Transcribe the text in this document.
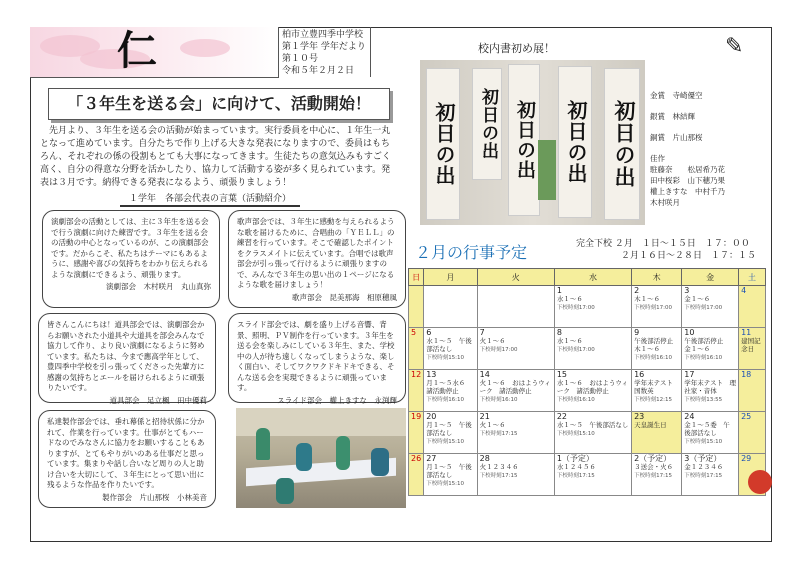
仁	柏市立豊四季中学校
第１学年 学年だより
第１０号
令和５年２月２日
「３年生を送る会」に向けて、活動開始！
先月より、３年生を送る会の活動が始まっています。実行委員を中心に、１年生一丸となって進めています。自分たちで作り上げる大きな発表になりますので、委員はもちろん、それぞれの係の役割もとても大事になってきます。生徒たちの意気込みもすごく高く、自分の得意な分野を活かしたり、協力して活動する姿が多く見られています。発表は３月です。納得できる発表になるよう、頑張りましょう！
１学年　各部会代表の言葉（活動紹介）
演劇部会の活動としては、主に３年生を送る会で行う演劇に向けた練習です。３年生を送る会の活動の中心となっているのが、この演劇部会です。だからこそ、私たちはテーマにもあるように、感謝や喜びの気持ちをわかり伝えられるような演劇にできるよう、頑張ります。
演劇部会　木村咲月　丸山真弥
歌声部会では、３年生に感動を与えられるような歌を届けるために、合唱曲の「ＹＥＬＬ」の練習を行っています。そこで確認したポイントをクラスメイトに伝えています。合唱では歌声部会が引っ張って行けるように頑張りますので、みんなで３年生の思い出の１ページになるような歌を届けましょう！
歌声部会　昆美那海　相原穂風
皆さんこんにちは！道具部会では、演劇部会からお願いされた小道具や大道具を部会みんなで協力して作り、より良い演劇になるように努めています。私たちは、今まで應高学年として、豊四季中学校を引っ張ってくださった先輩方に感謝の気持ちとエールを届けられるように頑張りたいです。
道具部会　足立楓　田中優莉
スライド部会では、劇を盛り上げる音響、背景、照明、ＰＶ制作を行っています。３年生を送る会を楽しみにしている３年生、また、学校中の人が待ち遠しくなってしまうような、楽しく面白い、そしてワクワクドキドキできる、そんな送る会を実現できるように頑張っています。
スライド部会　權上きすな　永渕輝
私達製作部会では、垂れ幕係と招待状係に分かれて、作業を行っています。仕事がとてもハードなのでみなさんに協力をお願いすることもありますが、とてもやりがいのある仕事だと思っています。集まりや話し合いなど周りの人と助け合いを大切にして、３年生にとって思い出に残るような作品を作りたいです。
製作部会　片山那桜　小林美音
校内書初め展！	✎
初日の出	初日の出 初日の出	初日の出	初日の出

金賞　寺崎優空

銀賞　林結輝

銅賞　片山那桜

佳作

駐藤奈　　松居希乃花

田中桜彩　山下穂乃果

權上きすな　中村千乃

木村咲月

２月の行事予定	完全下校 ２月　１日～１５日　１７：００
２月１６日～２８日　１７：１５
日	月	火	水	木	金	土

			1
水１～６
下校時刻17:00	2
木１～６
下校時刻17:00	3
金１～６
下校時刻17:00	4

5	6
水１～５　午後部活なし
下校時刻15:10	7
火１～６
下校時刻17:00	8
水１～６
下校時刻17:00	9
午後部活停止　木１～６
下校時刻16:10	10
午後部活停止　金１～６
下校時刻16:10	11
建国記念日

12	13
月１～５水６　諸活動停止
下校時刻16:10	14
火１～６　おはようウィーク　諸活動停止
下校時刻16:10	15
水１～６　おはようウィーク　諸活動停止
下校時刻16:10	16
学年末テスト　国数英
下校時刻12:15	17
学年末テスト　理社家・音体
下校時刻13:55	18

19	20
月１～５　午後部活なし
下校時刻15:10	21
火１～６
下校時刻17:15	22
水１～５　午後部活なし
下校時刻15:10	23
天皇誕生日	24
金１～５委　午後部活なし
下校時刻15:10	25

26	27
月１～５　午後部活なし
下校時刻15:10	28
火１２３４６
下校時刻17:15	1（予定）
水１２４５６
下校時刻17:15	2（予定）
３送会・火６
下校時刻17:15	3（予定）
金１２３４６
下校時刻17:15	29
